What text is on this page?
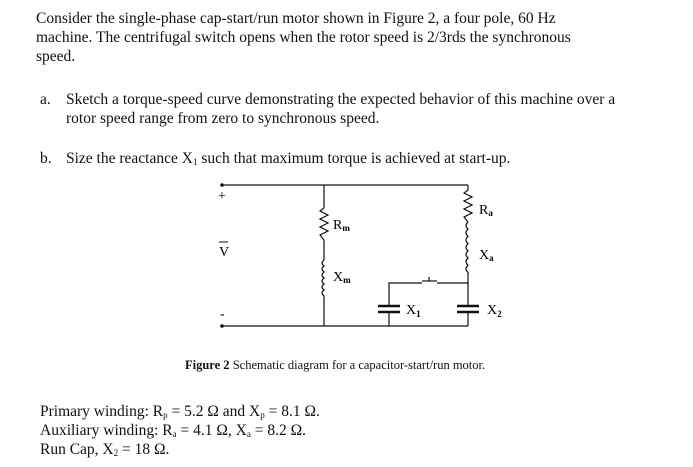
Consider the single-phase cap-start/run motor shown in Figure 2, a four pole, 60 Hz
machine. The centrifugal switch opens when the rotor speed is 2/3rds the synchronous
speed.
a. Sketch a torque-speed curve demonstrating the expected behavior of this machine over a
rotor speed range from zero to synchronous speed.
b. Size the reactance $X_1$ such that maximum torque is achieved at start-up.
+
-
V
Rm
Xm
Ra
Xa
$X_1$	$X_2$
Figure 2 Schematic diagram for a capacitor-start/run motor.
Primary winding: $R_p = 5.2$ Ω and $X_p = 8.1$ Ω.
Auxiliary winding: $R_a = 4.1$ Ω, $X_a = 8.2$ Ω.
Run Cap, $X_2 = 18$ Ω.
